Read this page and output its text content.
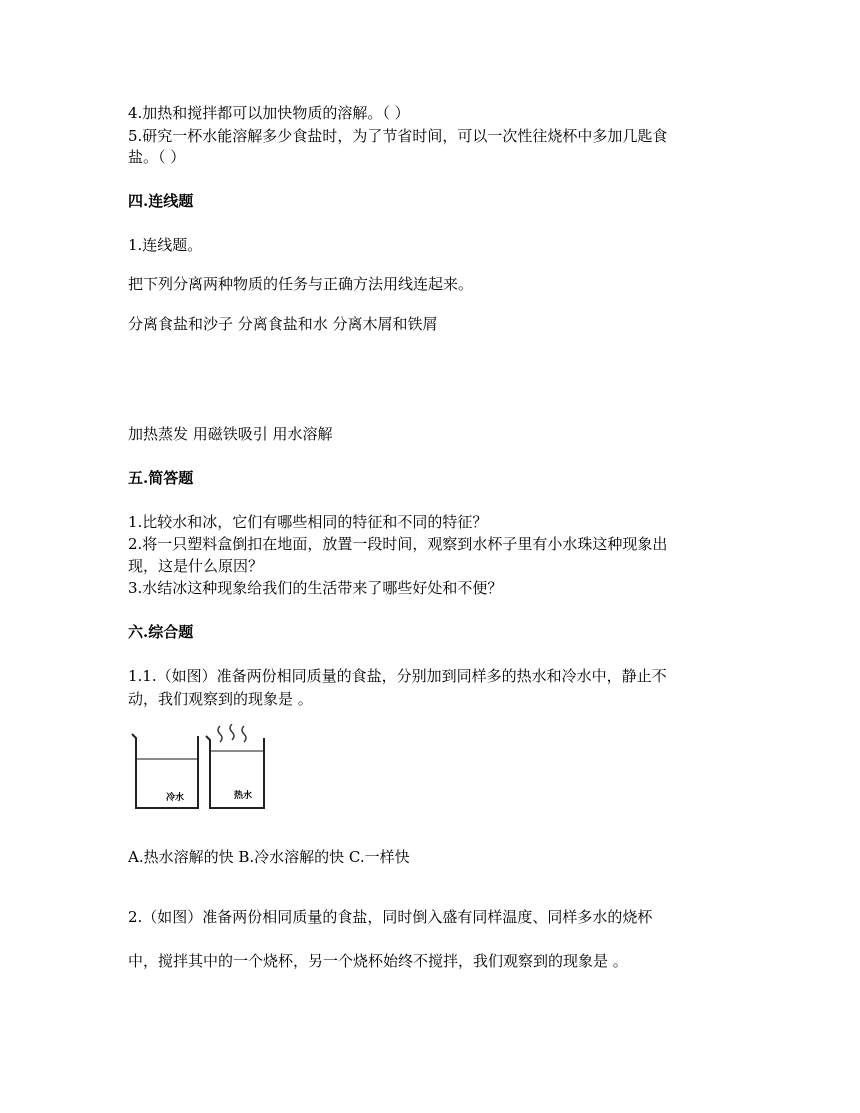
4.加热和搅拌都可以加快物质的溶解。（ ）
5.研究一杯水能溶解多少食盐时，为了节省时间，可以一次性往烧杯中多加几匙食
盐。（ ）
四.连线题
1.连线题。
把下列分离两种物质的任务与正确方法用线连起来。
分离食盐和沙子 分离食盐和水 分离木屑和铁屑
加热蒸发 用磁铁吸引 用水溶解
五.简答题
1.比较水和冰，它们有哪些相同的特征和不同的特征？
2.将一只塑料盒倒扣在地面，放置一段时间，观察到水杯子里有小水珠这种现象出
现，这是什么原因？
3.水结冰这种现象给我们的生活带来了哪些好处和不便？
六.综合题
1.1.（如图）准备两份相同质量的食盐，分别加到同样多的热水和冷水中，静止不
动，我们观察到的现象是 。
冷水	热水
A.热水溶解的快 B.冷水溶解的快 C.一样快
2.（如图）准备两份相同质量的食盐，同时倒入盛有同样温度、同样多水的烧杯
中，搅拌其中的一个烧杯，另一个烧杯始终不搅拌，我们观察到的现象是 。
